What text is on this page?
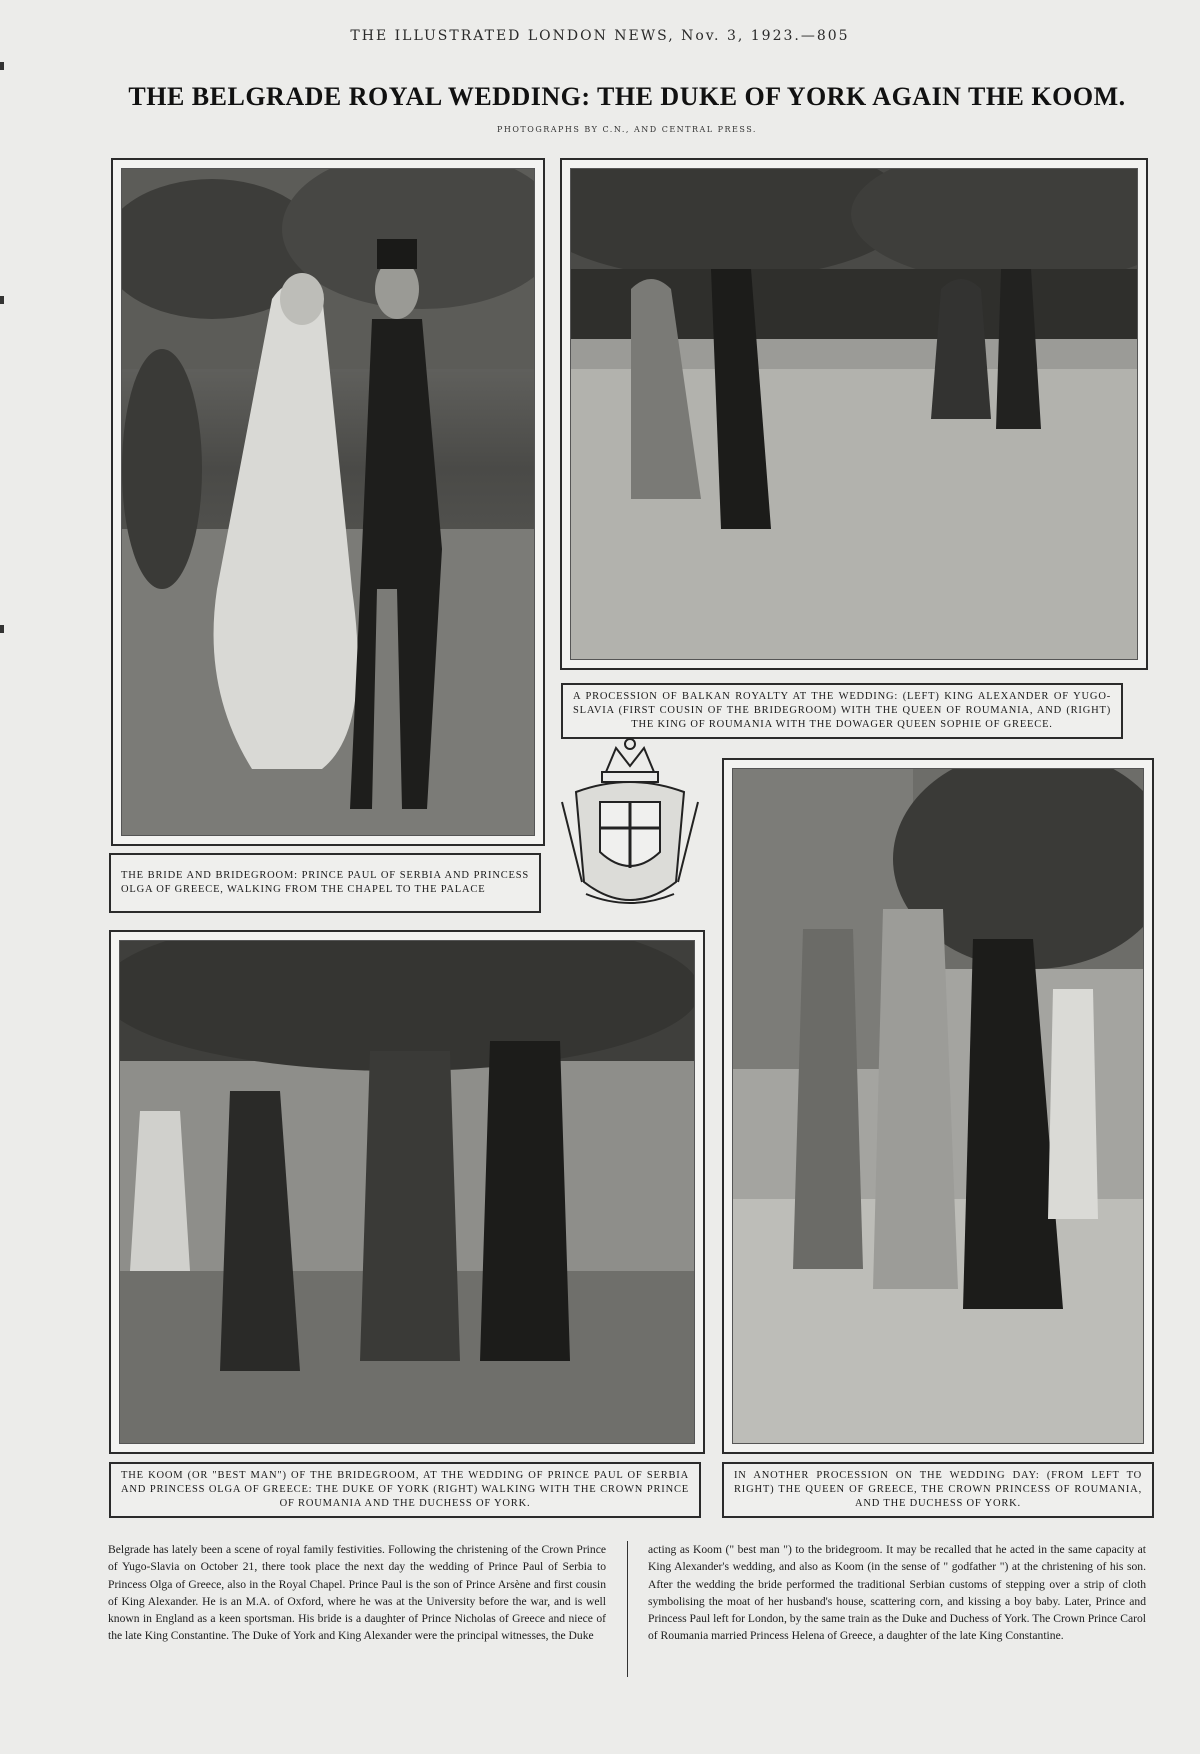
THE ILLUSTRATED LONDON NEWS, Nov. 3, 1923.—805
THE BELGRADE ROYAL WEDDING: THE DUKE OF YORK AGAIN THE KOOM.
PHOTOGRAPHS BY C.N., AND CENTRAL PRESS.
A PROCESSION OF BALKAN ROYALTY AT THE WEDDING: (LEFT) KING ALEXANDER OF YUGO-SLAVIA (FIRST COUSIN OF THE BRIDEGROOM) WITH THE QUEEN OF ROUMANIA, AND (RIGHT) THE KING OF ROUMANIA WITH THE DOWAGER QUEEN SOPHIE OF GREECE.
THE BRIDE AND BRIDEGROOM: PRINCE PAUL OF SERBIA AND PRINCESS OLGA OF GREECE, WALKING FROM THE CHAPEL TO THE PALACE
THE KOOM (OR "BEST MAN") OF THE BRIDEGROOM, AT THE WEDDING OF PRINCE PAUL OF SERBIA AND PRINCESS OLGA OF GREECE: THE DUKE OF YORK (RIGHT) WALKING WITH THE CROWN PRINCE OF ROUMANIA AND THE DUCHESS OF YORK.
IN ANOTHER PROCESSION ON THE WEDDING DAY: (FROM LEFT TO RIGHT) THE QUEEN OF GREECE, THE CROWN PRINCESS OF ROUMANIA, AND THE DUCHESS OF YORK.
Belgrade has lately been a scene of royal family festivities. Following the christening of the Crown Prince of Yugo-Slavia on October 21, there took place the next day the wedding of Prince Paul of Serbia to Princess Olga of Greece, also in the Royal Chapel. Prince Paul is the son of Prince Arsène and first cousin of King Alexander. He is an M.A. of Oxford, where he was at the University before the war, and is well known in England as a keen sportsman. His bride is a daughter of Prince Nicholas of Greece and niece of the late King Constantine. The Duke of York and King Alexander were the principal witnesses, the Duke
acting as Koom (" best man ") to the bridegroom. It may be recalled that he acted in the same capacity at King Alexander's wedding, and also as Koom (in the sense of " godfather ") at the christening of his son. After the wedding the bride performed the traditional Serbian customs of stepping over a strip of cloth symbolising the moat of her husband's house, scattering corn, and kissing a boy baby. Later, Prince and Princess Paul left for London, by the same train as the Duke and Duchess of York. The Crown Prince Carol of Roumania married Princess Helena of Greece, a daughter of the late King Constantine.
